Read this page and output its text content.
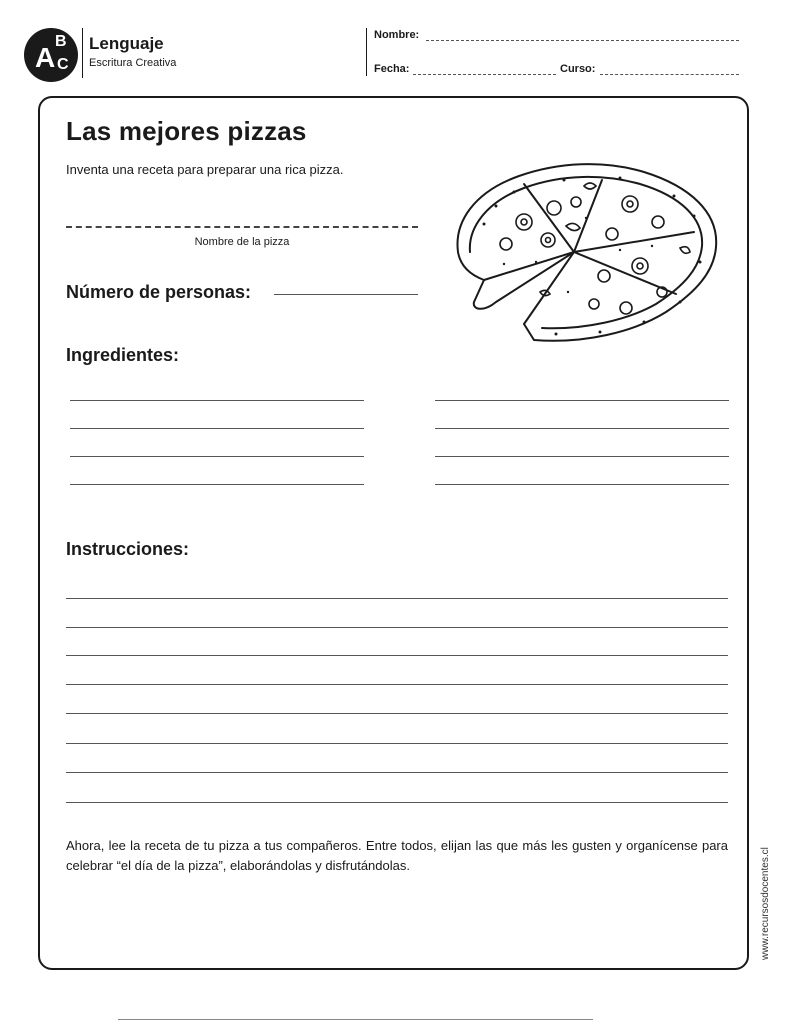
A
B
C
Lenguaje
Escritura Creativa
Nombre:
Fecha:	Curso:
Las mejores pizzas
Inventa una receta para preparar una rica pizza.
Nombre de la pizza
Número de personas:
Ingredientes:
Instrucciones:
Ahora, lee la receta de tu pizza a tus compañeros. Entre todos, elijan las que más les gusten y organícense para celebrar “el día de la pizza”, elaborándolas y disfrutándolas.	www.recursosdocentes.cl
